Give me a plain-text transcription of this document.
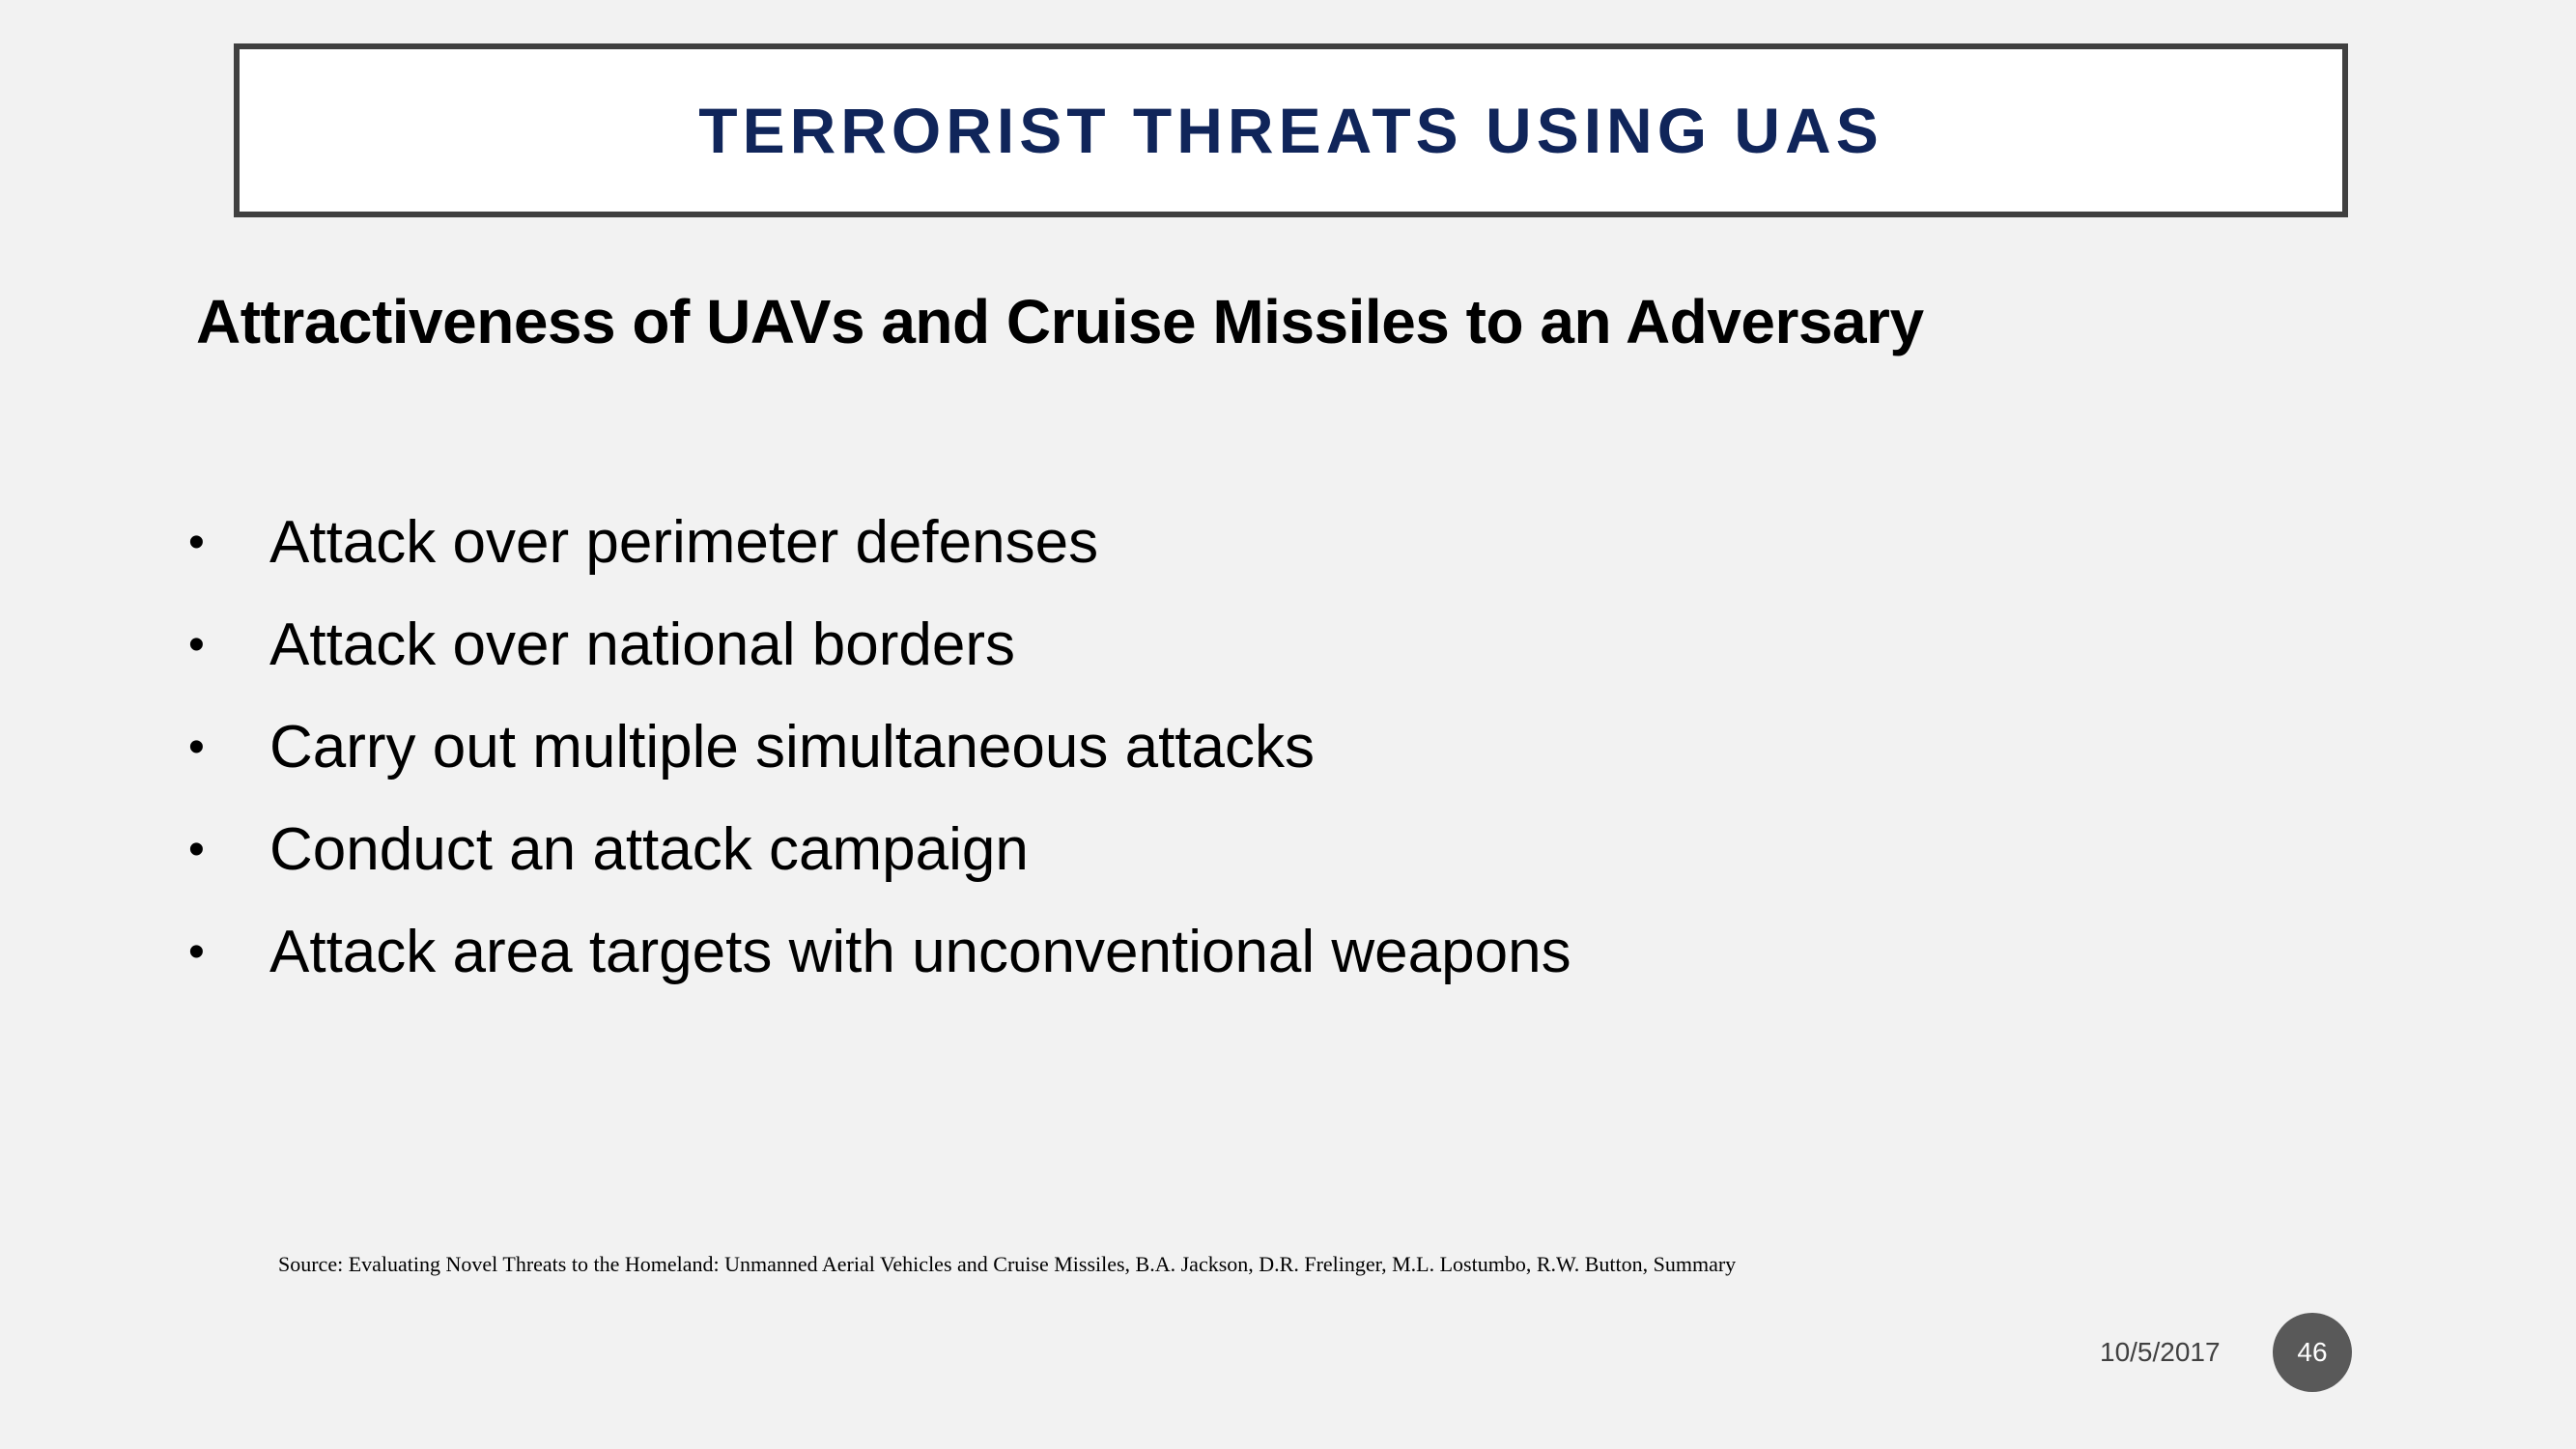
TERRORIST THREATS USING UAS
Attractiveness of UAVs and Cruise Missiles to an Adversary
•	Attack over perimeter defenses
•	Attack over national borders
•	Carry out multiple simultaneous attacks
•	Conduct an attack campaign
•	Attack area targets with unconventional weapons
Source: Evaluating Novel Threats to the Homeland: Unmanned Aerial Vehicles and Cruise Missiles, B.A. Jackson, D.R. Frelinger, M.L. Lostumbo, R.W. Button, Summary
10/5/2017	46
